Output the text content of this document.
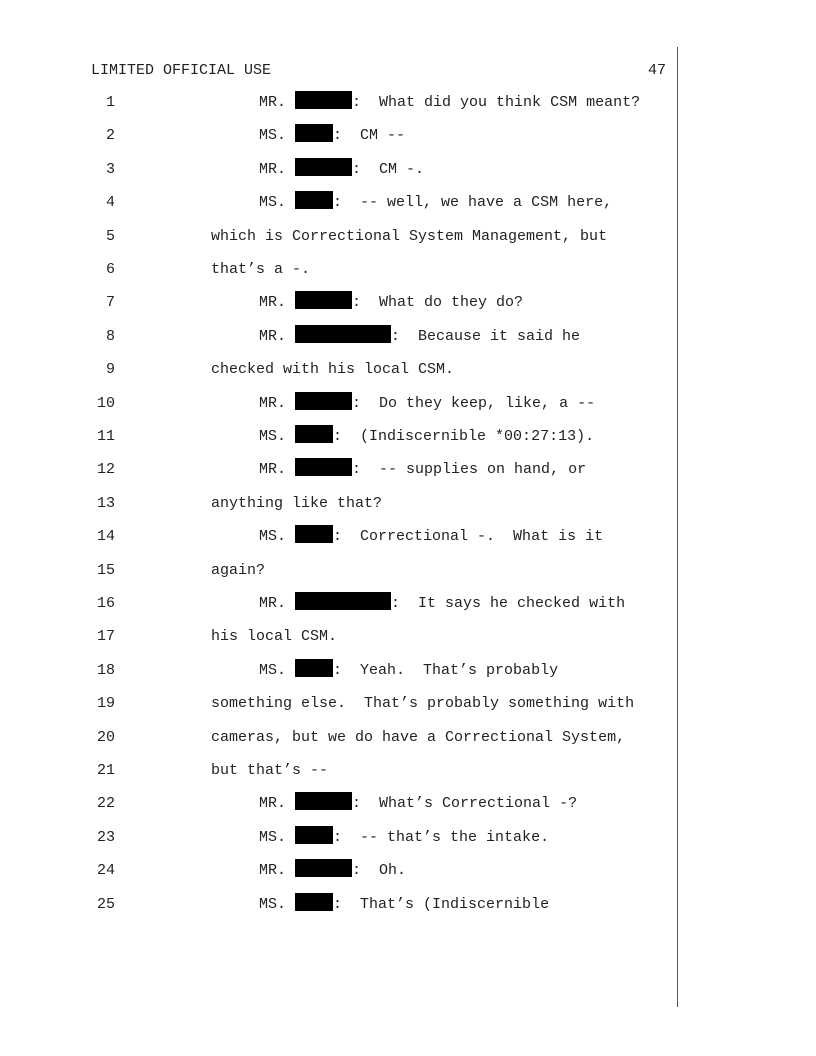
LIMITED OFFICIAL USE	47
1	MR.	:  What did you think CSM meant?
2	MS.	:  CM --
3	MR.	:  CM -.
4	MS.	:  -- well, we have a CSM here,
5	which is Correctional System Management, but
6	that’s a -.
7	MR.	:  What do they do?
8	MR.	:  Because it said he
9	checked with his local CSM.
10	MR.	:  Do they keep, like, a --
11	MS.	:  (Indiscernible *00:27:13).
12	MR.	:  -- supplies on hand, or
13	anything like that?
14	MS.	:  Correctional -.  What is it
15	again?
16	MR.	:  It says he checked with
17	his local CSM.
18	MS.	:  Yeah.  That’s probably
19	something else.  That’s probably something with
20	cameras, but we do have a Correctional System,
21	but that’s --
22	MR.	:  What’s Correctional -?
23	MS.	:  -- that’s the intake.
24	MR.	:  Oh.
25	MS.	:  That’s (Indiscernible
